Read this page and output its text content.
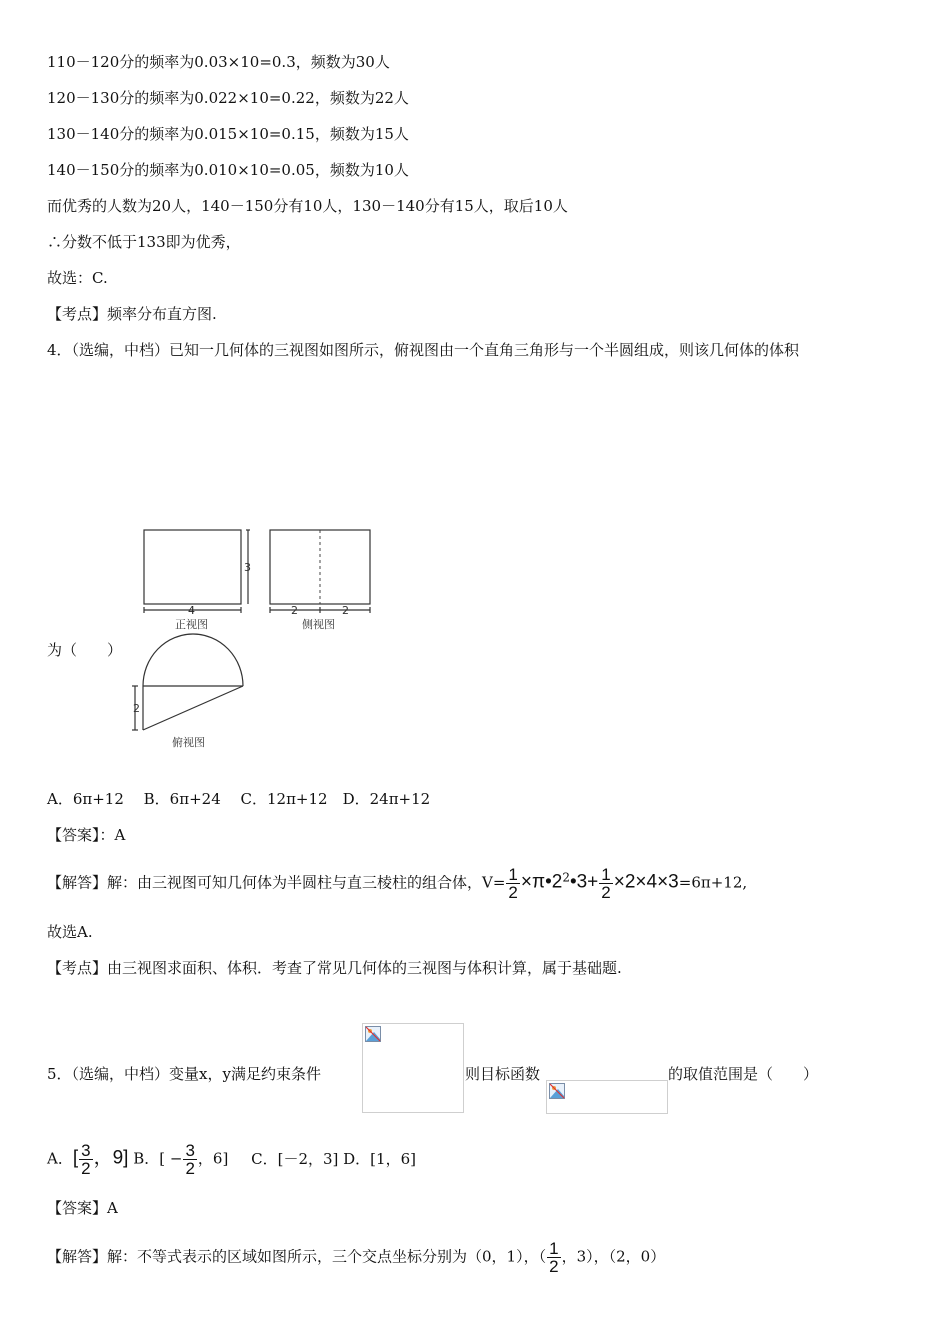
110－120分的频率为0.03×10=0.3，频数为30人
120－130分的频率为0.022×10=0.22，频数为22人
130－140分的频率为0.015×10=0.15，频数为15人
140－150分的频率为0.010×10=0.05，频数为10人
而优秀的人数为20人，140－150分有10人，130－140分有15人，取后10人
∴分数不低于133即为优秀，
故选：C.
【考点】频率分布直方图.
4．（选编，中档）已知一几何体的三视图如图所示，俯视图由一个直角三角形与一个半圆组成，则该几何体的体积
3
4	2	2
正视图	侧视图
2
俯视图
为（　　）
A．6π+12　 B．6π+24　 C．12π+12　D．24π+12
【答案】：A
【解答】解：由三视图可知几何体为半圆柱与直三棱柱的组合体，$V= \frac{1}{2}$ $\times\pi•2^2•3+ \frac{1}{2} \times 2\times 4\times 3=6\pi+12$,
故选A.
【考点】由三视图求面积、体积．考查了常见几何体的三视图与体积计算，属于基础题.
5．（选编，中档）变量x，y满足约束条件	则目标函数	的取值范围是（　　）
A．[ $\frac{3}{2}$ ，9] B．[ − $\frac{3}{2}$ ，6] C．[－2，3] D．[1，6]
【答案】A
【解答】解：不等式表示的区域如图所示，三个交点坐标分别为（0，1），（ $\frac{1}{2}$ ，3），（2，0）
